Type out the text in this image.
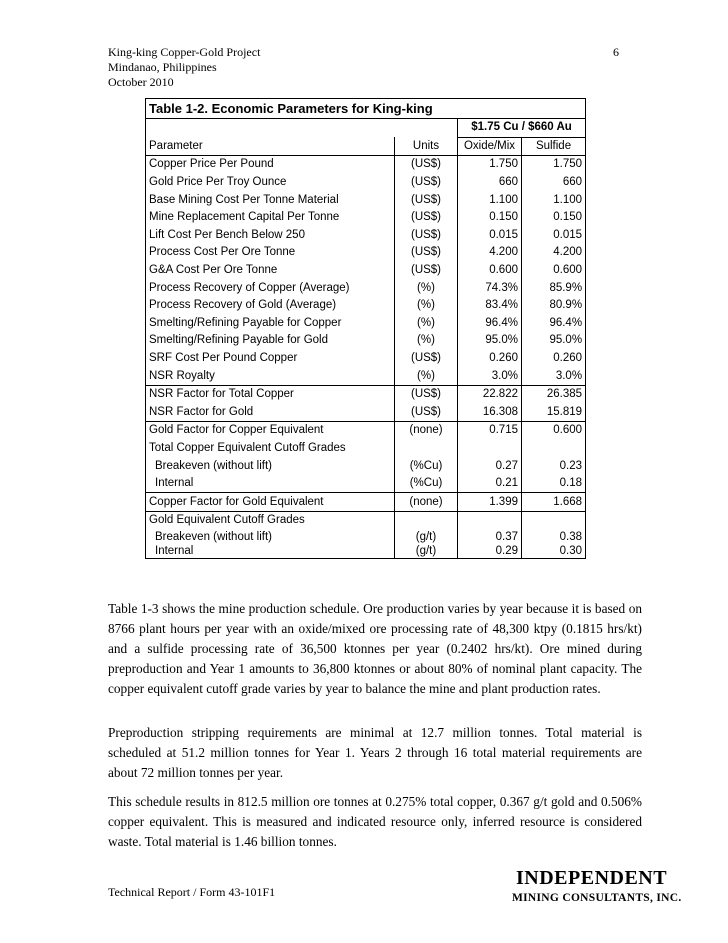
King-king Copper-Gold Project
Mindanao, Philippines
October 2010
6
Table 1-2. Economic Parameters for King-king			
		$1.75 Cu / $660 Au	
Parameter	Units	Oxide/Mix	Sulfide
Copper Price Per Pound	(US$)	1.750	1.750
Gold Price Per Troy Ounce	(US$)	660	660
Base Mining Cost Per Tonne Material	(US$)	1.100	1.100
Mine Replacement Capital Per Tonne	(US$)	0.150	0.150
Lift Cost Per Bench Below 250	(US$)	0.015	0.015
Process Cost Per Ore Tonne	(US$)	4.200	4.200
G&A Cost Per Ore Tonne	(US$)	0.600	0.600
Process Recovery of Copper (Average)	(%)	74.3%	85.9%
Process Recovery of Gold (Average)	(%)	83.4%	80.9%
Smelting/Refining Payable for Copper	(%)	96.4%	96.4%
Smelting/Refining Payable for Gold	(%)	95.0%	95.0%
SRF Cost Per Pound Copper	(US$)	0.260	0.260
NSR Royalty	(%)	3.0%	3.0%
NSR Factor for Total Copper	(US$)	22.822	26.385
NSR Factor for Gold	(US$)	16.308	15.819
Gold Factor for Copper Equivalent	(none)	0.715	0.600
Total Copper Equivalent Cutoff Grades			
Breakeven (without lift)	(%Cu)	0.27	0.23
Internal	(%Cu)	0.21	0.18
Copper Factor for Gold Equivalent	(none)	1.399	1.668
Gold Equivalent Cutoff Grades			
Breakeven (without lift)	(g/t)	0.37	0.38
Internal	(g/t)	0.29	0.30
Table 1-3 shows the mine production schedule. Ore production varies by year because it is based on 8766 plant hours per year with an oxide/mixed ore processing rate of 48,300 ktpy (0.1815 hrs/kt) and a sulfide processing rate of 36,500 ktonnes per year (0.2402 hrs/kt). Ore mined during preproduction and Year 1 amounts to 36,800 ktonnes or about 80% of nominal plant capacity. The copper equivalent cutoff grade varies by year to balance the mine and plant production rates.
Preproduction stripping requirements are minimal at 12.7 million tonnes. Total material is scheduled at 51.2 million tonnes for Year 1. Years 2 through 16 total material requirements are about 72 million tonnes per year.
This schedule results in 812.5 million ore tonnes at 0.275% total copper, 0.367 g/t gold and 0.506% copper equivalent. This is measured and indicated resource only, inferred resource is considered waste. Total material is 1.46 billion tonnes.
Technical Report / Form 43-101F1
INDEPENDENT
MINING CONSULTANTS, INC.
